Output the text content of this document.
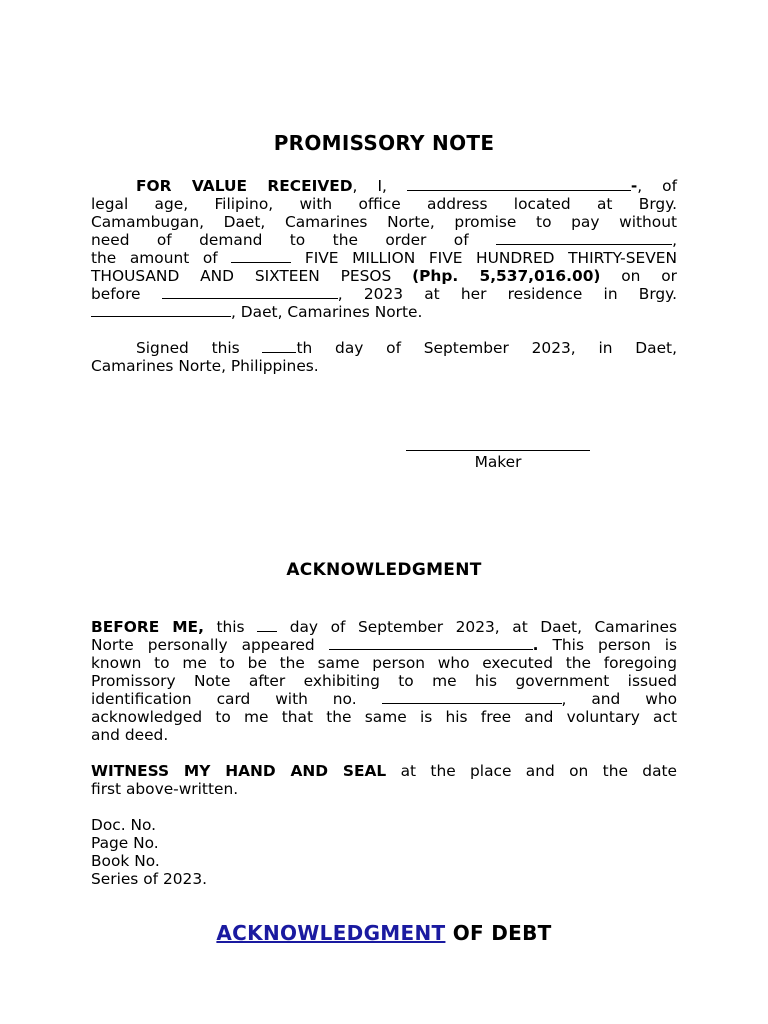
PROMISSORY NOTE
FOR VALUE RECEIVED, I,	-, of
legal age, Filipino, with office address located at Brgy.
Camambugan, Daet, Camarines Norte, promise to pay without
need of demand to the order of	,
the amount of	FIVE MILLION FIVE HUNDRED THIRTY-SEVEN
THOUSAND AND SIXTEEN PESOS (Php. 5,537,016.00) on or
before	, 2023 at her residence in Brgy.
, Daet, Camarines Norte.
Signed this	th day of September 2023, in Daet,
Camarines Norte, Philippines.
Maker
ACKNOWLEDGMENT
BEFORE ME, this  day of September 2023, at Daet, Camarines
Norte personally appeared	. This person is
known to me to be the same person who executed the foregoing
Promissory Note after exhibiting to me his government issued
identification card with no.	, and who
acknowledged to me that the same is his free and voluntary act
and deed.
WITNESS MY HAND AND SEAL at the place and on the date
first above-written.
Doc. No.
Page No.
Book No.
Series of 2023.
ACKNOWLEDGMENT OF DEBT
